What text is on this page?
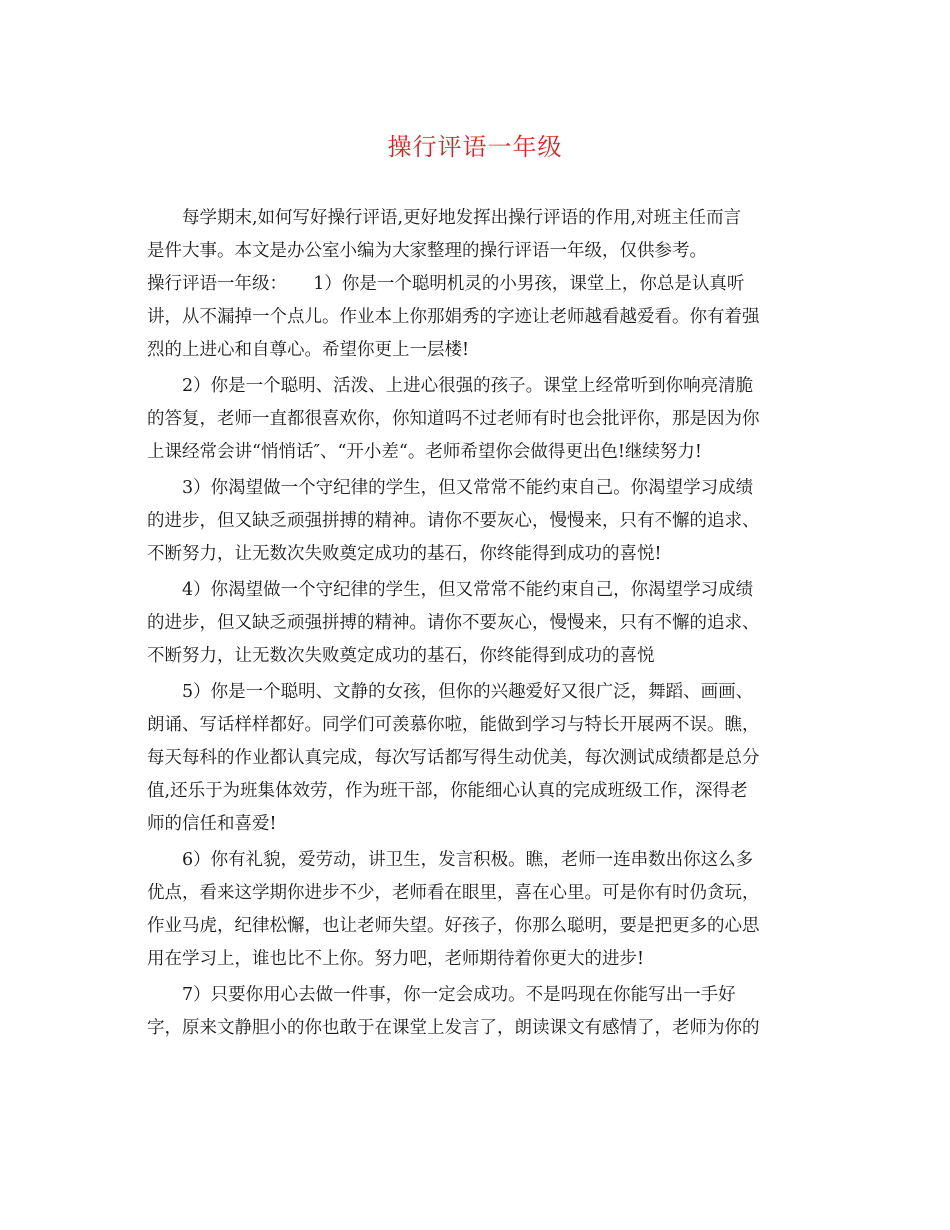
操行评语一年级
　　每学期末,如何写好操行评语,更好地发挥出操行评语的作用,对班主任而言
是件大事。本文是办公室小编为大家整理的操行评语一年级，仅供参考。
操行评语一年级：　　1）你是一个聪明机灵的小男孩，课堂上，你总是认真听
讲，从不漏掉一个点儿。作业本上你那娟秀的字迹让老师越看越爱看。你有着强
烈的上进心和自尊心。希望你更上一层楼!
　　2）你是一个聪明、活泼、上进心很强的孩子。课堂上经常听到你响亮清脆
的答复，老师一直都很喜欢你，你知道吗不过老师有时也会批评你，那是因为你
上课经常会讲“悄悄话″、“开小差“。老师希望你会做得更出色!继续努力!
　　3）你渴望做一个守纪律的学生，但又常常不能约束自己。你渴望学习成绩
的进步，但又缺乏顽强拼搏的精神。请你不要灰心，慢慢来，只有不懈的追求、
不断努力，让无数次失败奠定成功的基石，你终能得到成功的喜悦!
　　4）你渴望做一个守纪律的学生，但又常常不能约束自己，你渴望学习成绩
的进步，但又缺乏顽强拼搏的精神。请你不要灰心，慢慢来，只有不懈的追求、
不断努力，让无数次失败奠定成功的基石，你终能得到成功的喜悦
　　5）你是一个聪明、文静的女孩，但你的兴趣爱好又很广泛，舞蹈、画画、
朗诵、写话样样都好。同学们可羡慕你啦，能做到学习与特长开展两不误。瞧，
每天每科的作业都认真完成，每次写话都写得生动优美，每次测试成绩都是总分
值,还乐于为班集体效劳，作为班干部，你能细心认真的完成班级工作，深得老
师的信任和喜爱!
　　6）你有礼貌，爱劳动，讲卫生，发言积极。瞧，老师一连串数出你这么多
优点，看来这学期你进步不少，老师看在眼里，喜在心里。可是你有时仍贪玩，
作业马虎，纪律松懈，也让老师失望。好孩子，你那么聪明，要是把更多的心思
用在学习上，谁也比不上你。努力吧，老师期待着你更大的进步!
　　7）只要你用心去做一件事，你一定会成功。不是吗现在你能写出一手好
字，原来文静胆小的你也敢于在课堂上发言了，朗读课文有感情了，老师为你的
